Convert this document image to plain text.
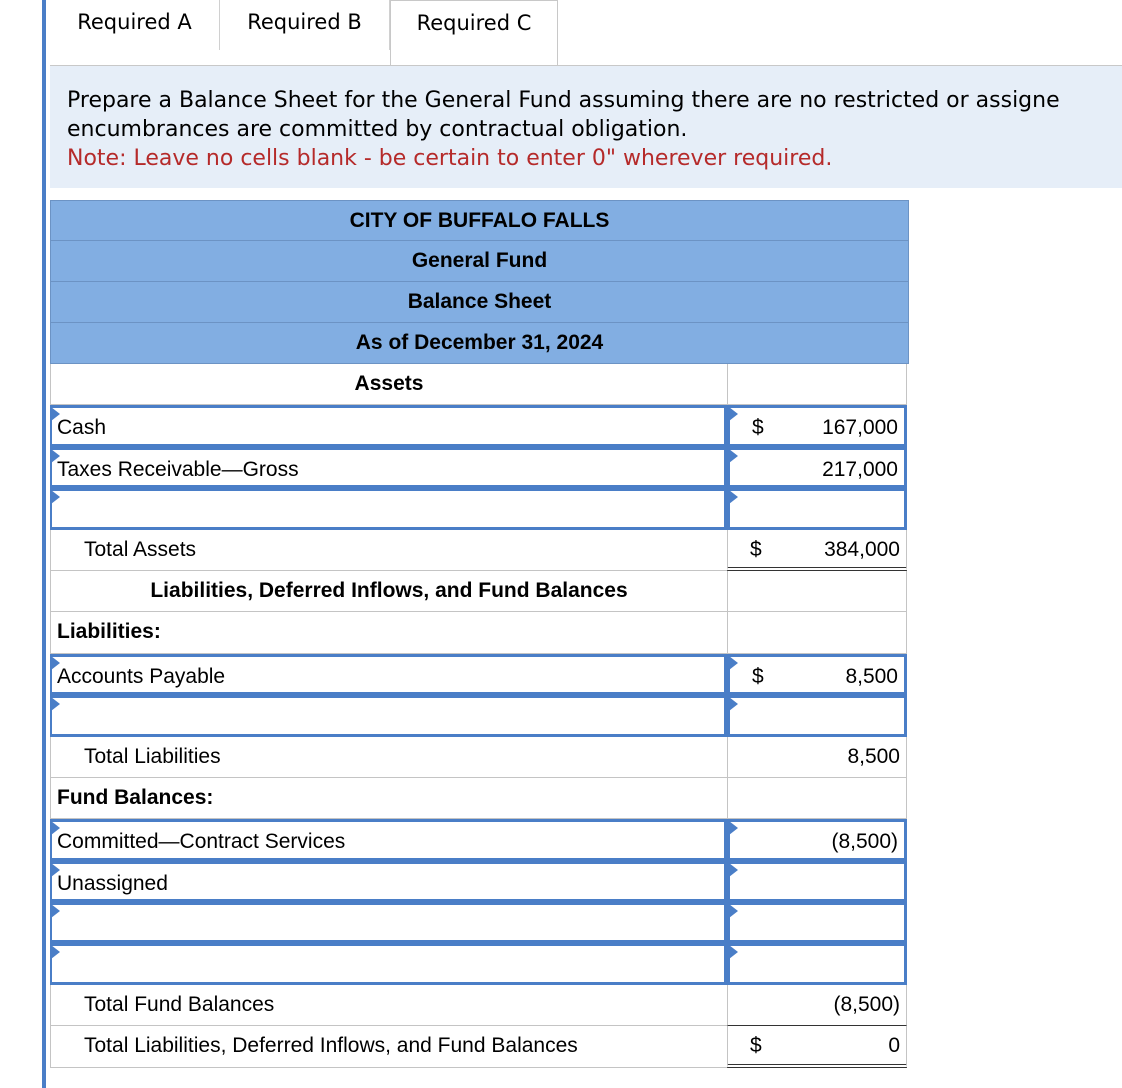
Required A	Required B	Required C
Prepare a Balance Sheet for the General Fund assuming there are no restricted or assigne
encumbrances are committed by contractual obligation.
Note: Leave no cells blank - be certain to enter 0" wherever required.
CITY OF BUFFALO FALLS
General Fund
Balance Sheet
As of December 31, 2024
Assets
Cash	$	167,000
Taxes Receivable—Gross	217,000
Total Assets	$	384,000
Liabilities, Deferred Inflows, and Fund Balances
Liabilities:
Accounts Payable	$	8,500
Total Liabilities	8,500
Fund Balances:
Committed—Contract Services	(8,500)
Unassigned
Total Fund Balances	(8,500)
Total Liabilities, Deferred Inflows, and Fund Balances	$	0
